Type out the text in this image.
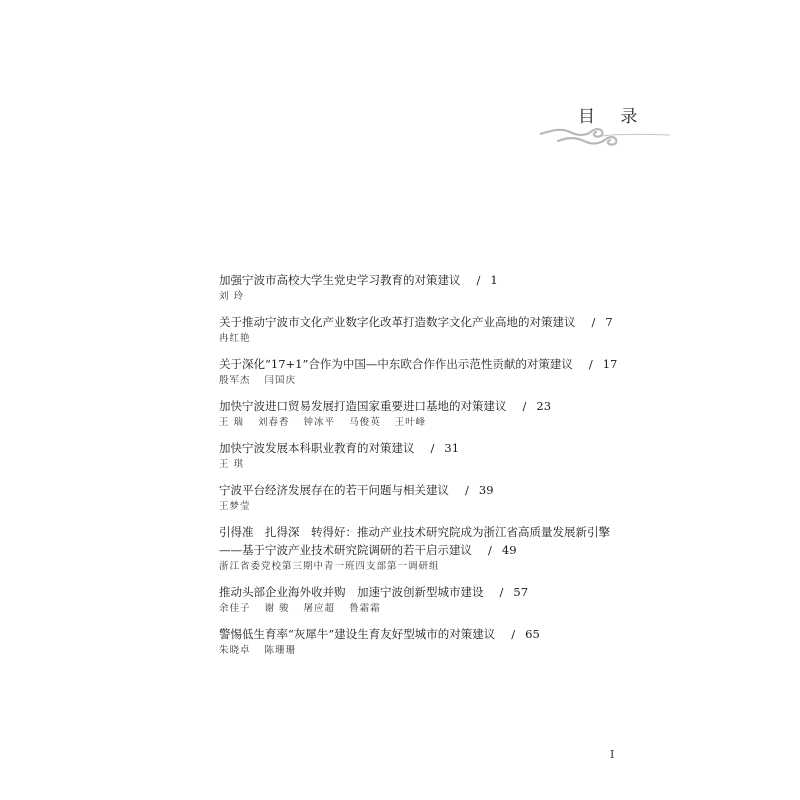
目 录
加强宁波市高校大学生党史学习教育的对策建议 / 1
刘 玲
关于推动宁波市文化产业数字化改革打造数字文化产业高地的对策建议 / 7
冉红艳
关于深化“17+1”合作为中国—中东欧合作作出示范性贡献的对策建议 / 17
殷军杰 闫国庆
加快宁波进口贸易发展打造国家重要进口基地的对策建议 / 23
王 瑞 刘春香 钟冰平 马俊英 王叶峰
加快宁波发展本科职业教育的对策建议 / 31
王 琪
宁波平台经济发展存在的若干问题与相关建议 / 39
王梦莹
引得准　扎得深　转得好：推动产业技术研究院成为浙江省高质量发展新引擎
——基于宁波产业技术研究院调研的若干启示建议 / 49
浙江省委党校第三期中青一班四支部第一调研组
推动头部企业海外收并购　加速宁波创新型城市建设 / 57
余佳子 谢 骏 屠应超 鲁霜霜
警惕低生育率“灰犀牛”建设生育友好型城市的对策建议 / 65
朱晓卓 陈珊珊
I
